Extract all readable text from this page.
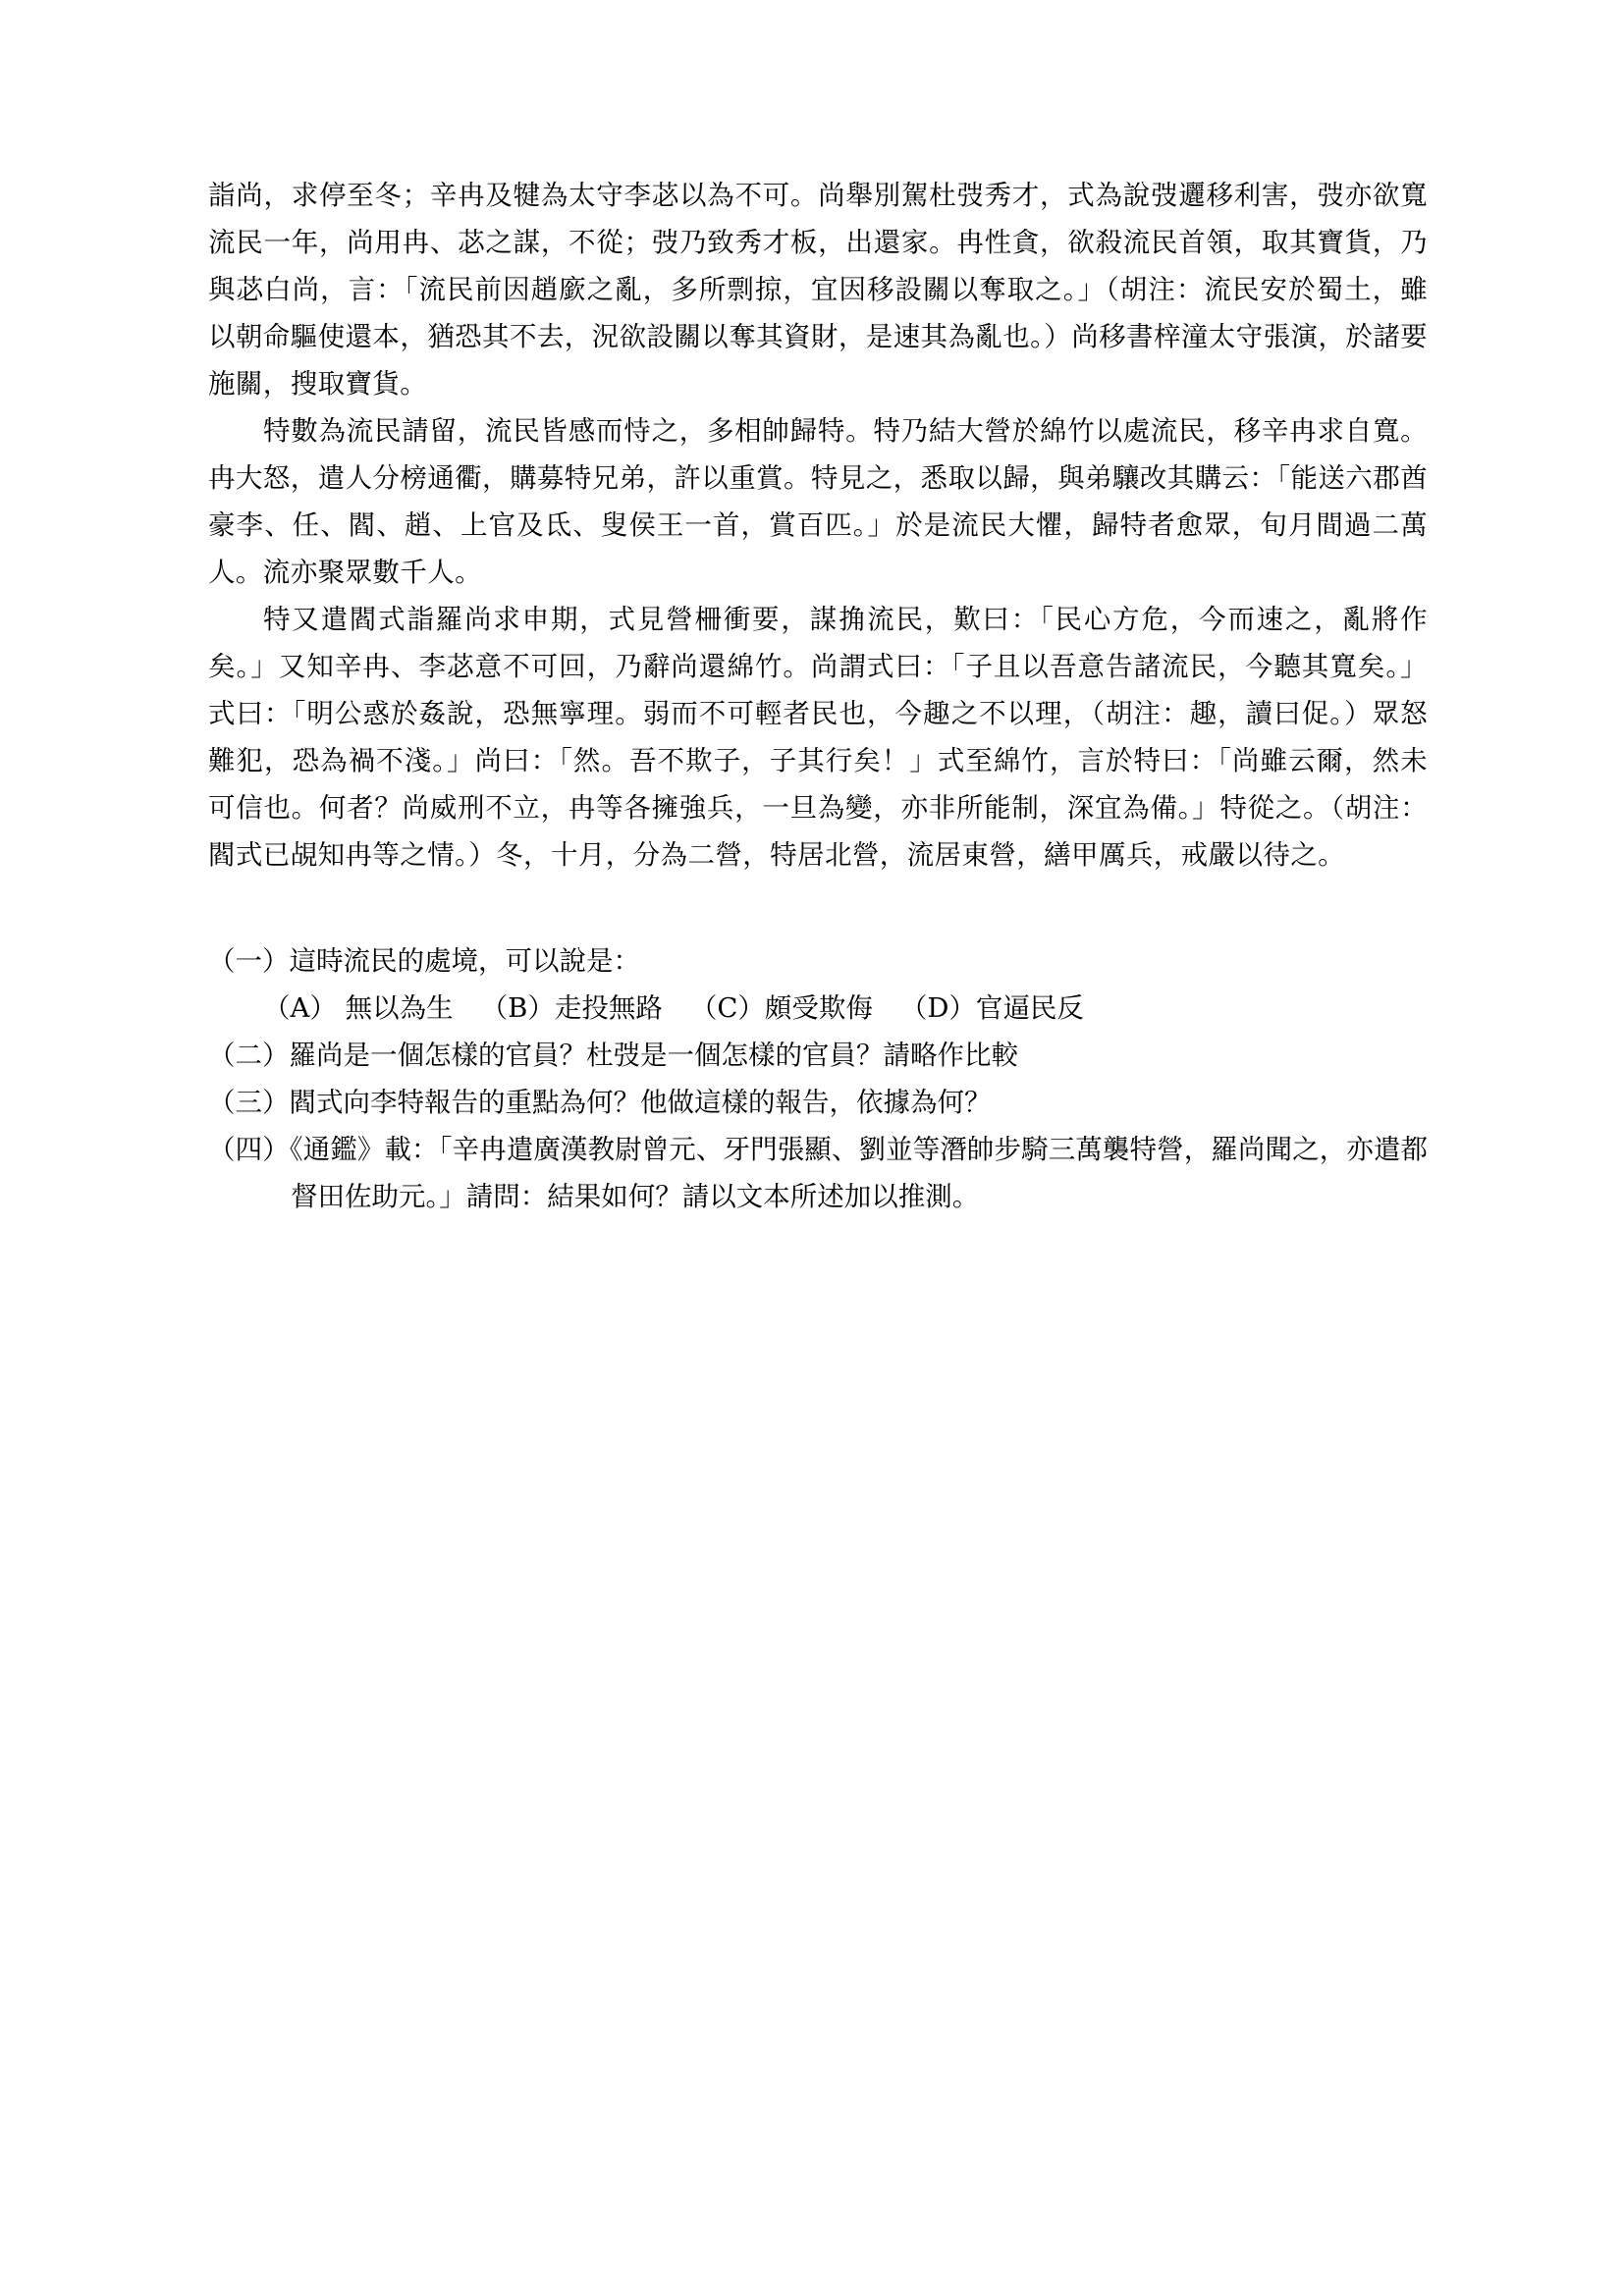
詣尚，求停至冬；辛冉及犍為太守李苾以為不可。尚舉別駕杜弢秀才，式為說弢邐移利害，弢亦欲寬流民一年，尚用冉、苾之謀，不從；弢乃致秀才板，出還家。冉性貪，欲殺流民首領，取其寶貨，乃與苾白尚，言：「流民前因趙廞之亂，多所剽掠，宜因移設關以奪取之。」（胡注：流民安於蜀土，雖以朝命驅使還本，猶恐其不去，況欲設關以奪其資財，是速其為亂也。）尚移書梓潼太守張演，於諸要施關，搜取寶貨。

特數為流民請留，流民皆感而恃之，多相帥歸特。特乃結大營於綿竹以處流民，移辛冉求自寬。冉大怒，遣人分榜通衢，購募特兄弟，許以重賞。特見之，悉取以歸，與弟驤改其購云：「能送六郡酋豪李、任、閻、趙、上官及氐、叟侯王一首，賞百匹。」於是流民大懼，歸特者愈眾，旬月間過二萬人。流亦聚眾數千人。

特又遣閻式詣羅尚求申期，式見營柵衝要，謀捔流民，歎曰：「民心方危，今而速之，亂將作矣。」又知辛冉、李苾意不可回，乃辭尚還綿竹。尚謂式曰：「子且以吾意告諸流民，今聽其寬矣。」式曰：「明公惑於姦說，恐無寧理。弱而不可輕者民也，今趣之不以理，（胡注：趣，讀曰促。）眾怒難犯，恐為禍不淺。」尚曰：「然。吾不欺子，子其行矣！」式至綿竹，言於特曰：「尚雖云爾，然未可信也。何者？尚威刑不立，冉等各擁強兵，一旦為變，亦非所能制，深宜為備。」特從之。（胡注：閻式已覘知冉等之情。）冬，十月，分為二營，特居北營，流居東營，繕甲厲兵，戒嚴以待之。

（一）這時流民的處境，可以說是：
（A） 無以為生 （B）走投無路 （C）頗受欺侮 （D）官逼民反
（二）羅尚是一個怎樣的官員？杜弢是一個怎樣的官員？請略作比較
（三）閻式向李特報告的重點為何？他做這樣的報告，依據為何？
（四）《通鑑》載：「辛冉遣廣漢教尉曾元、牙門張顯、劉並等潛帥步騎三萬襲特營，羅尚聞之，亦遣都督田佐助元。」請問：結果如何？請以文本所述加以推測。
